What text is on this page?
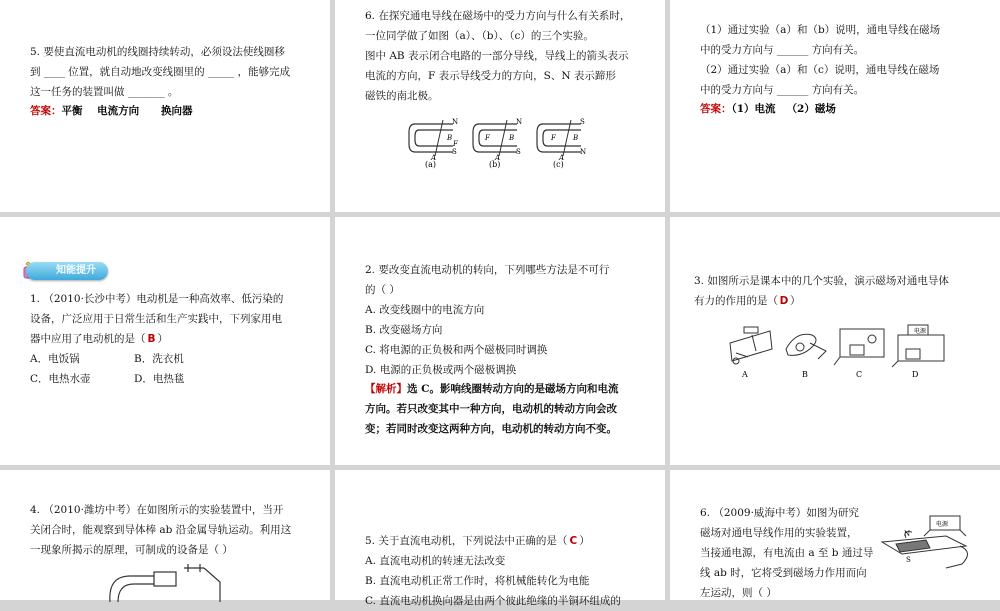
5. 要使直流电动机的线圈持续转动，必须设法使线圈移
到 ____ 位置，就自动地改变线圈里的 _____ ，能够完成
这一任务的装置叫做 _______ 。
答案：平衡    电流方向      换向器
6. 在探究通电导线在磁场中的受力方向与什么有关系时，
一位同学做了如图（a）、（b）、（c）的三个实验。
图中 AB 表示闭合电路的一部分导线，导线上的箭头表示
电流的方向，F 表示导线受力的方向，S、N 表示蹄形
磁铁的南北极。
N
S
B
F
A
N
S
F	B
A
S
N
F B
A
(a)	(b)	(c)
（1）通过实验（a）和（b）说明，通电导线在磁场
中的受力方向与 ______ 方向有关。
（2）通过实验（a）和（c）说明，通电导线在磁场
中的受力方向与 ______ 方向有关。
答案：（1）电流   （2）磁场
知能提升
1. （2010·长沙中考）电动机是一种高效率、低污染的
设备，广泛应用于日常生活和生产实践中，下列家用电
器中应用了电动机的是（ B ）
A．电饭锅	B．洗衣机
C．电热水壶	D．电热毯
2. 要改变直流电动机的转向，下列哪些方法是不可行
的（ ）
A. 改变线圈中的电流方向
B. 改变磁场方向
C. 将电源的正负极和两个磁极同时调换
D. 电源的正负极或两个磁极调换
【解析】选 C。影响线圈转动方向的是磁场方向和电流
方向。若只改变其中一种方向，电动机的转动方向会改
变；若同时改变这两种方向，电动机的转动方向不变。
3. 如图所示是课本中的几个实验，演示磁场对通电导体
有力的作用的是（ D ）
电源
A	B	C	D
4. （2010·潍坊中考）在如图所示的实验装置中，当开
关闭合时，能观察到导体棒 ab 沿金属导轨运动。利用这
一现象所揭示的原理，可制成的设备是（ ）
5. 关于直流电动机，下列说法中正确的是（ C ）
A. 直流电动机的转速无法改变
B. 直流电动机正常工作时，将机械能转化为电能
C. 直流电动机换向器是由两个彼此绝缘的半铜环组成的
6. （2009·威海中考）如图为研究
磁场对通电导线作用的实验装置，
当接通电源，有电流由 a 至 b 通过导
线 ab 时，它将受到磁场力作用而向
左运动，则（ ）
电源
N
S
